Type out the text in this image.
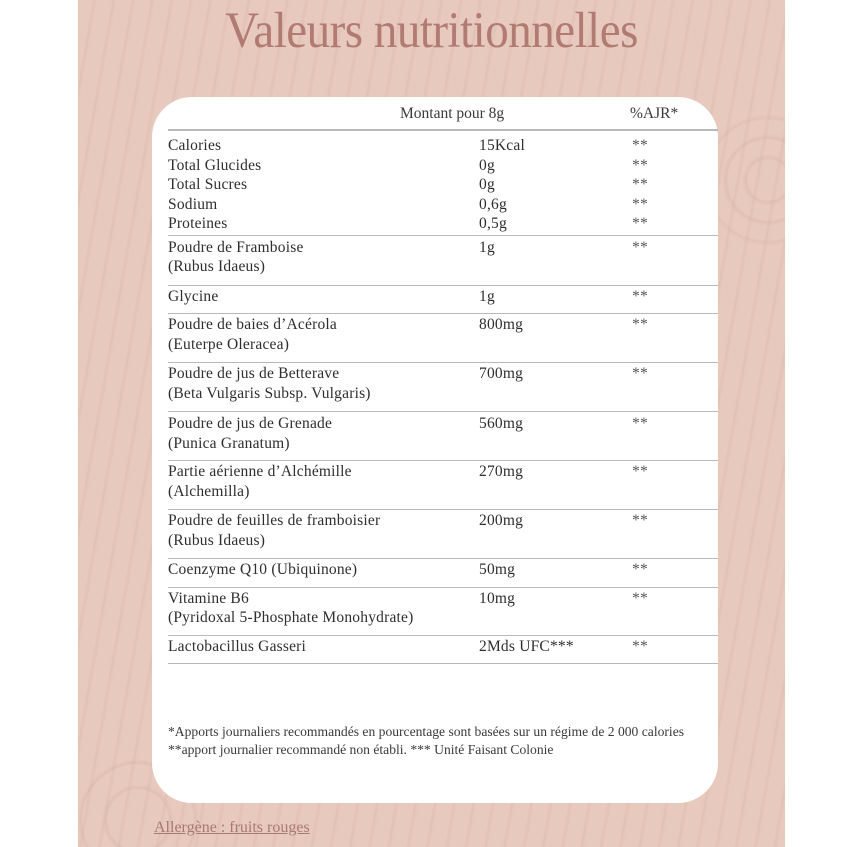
Valeurs nutritionnelles
Montant pour 8g	%AJR*
Calories	15Kcal	**
Total Glucides	0g	**
Total Sucres	0g	**
Sodium	0,6g	**
Proteines	0,5g	**
Poudre de Framboise	1g	**
(Rubus Idaeus)
Glycine	1g	**
Poudre de baies d’Acérola	800mg	**
(Euterpe Oleracea)
Poudre de jus de Betterave	700mg	**
(Beta Vulgaris Subsp. Vulgaris)
Poudre de jus de Grenade	560mg	**
(Punica Granatum)
Partie aérienne d’Alchémille	270mg	**
(Alchemilla)
Poudre de feuilles de framboisier	200mg	**
(Rubus Idaeus)
Coenzyme Q10 (Ubiquinone)	50mg	**
Vitamine B6	10mg	**
(Pyridoxal 5-Phosphate Monohydrate)
Lactobacillus Gasseri	2Mds UFC***	**
*Apports journaliers recommandés en pourcentage sont basées sur un régime de 2 000 calories
**apport journalier recommandé non établi. *** Unité Faisant Colonie
Allergène : fruits rouges
